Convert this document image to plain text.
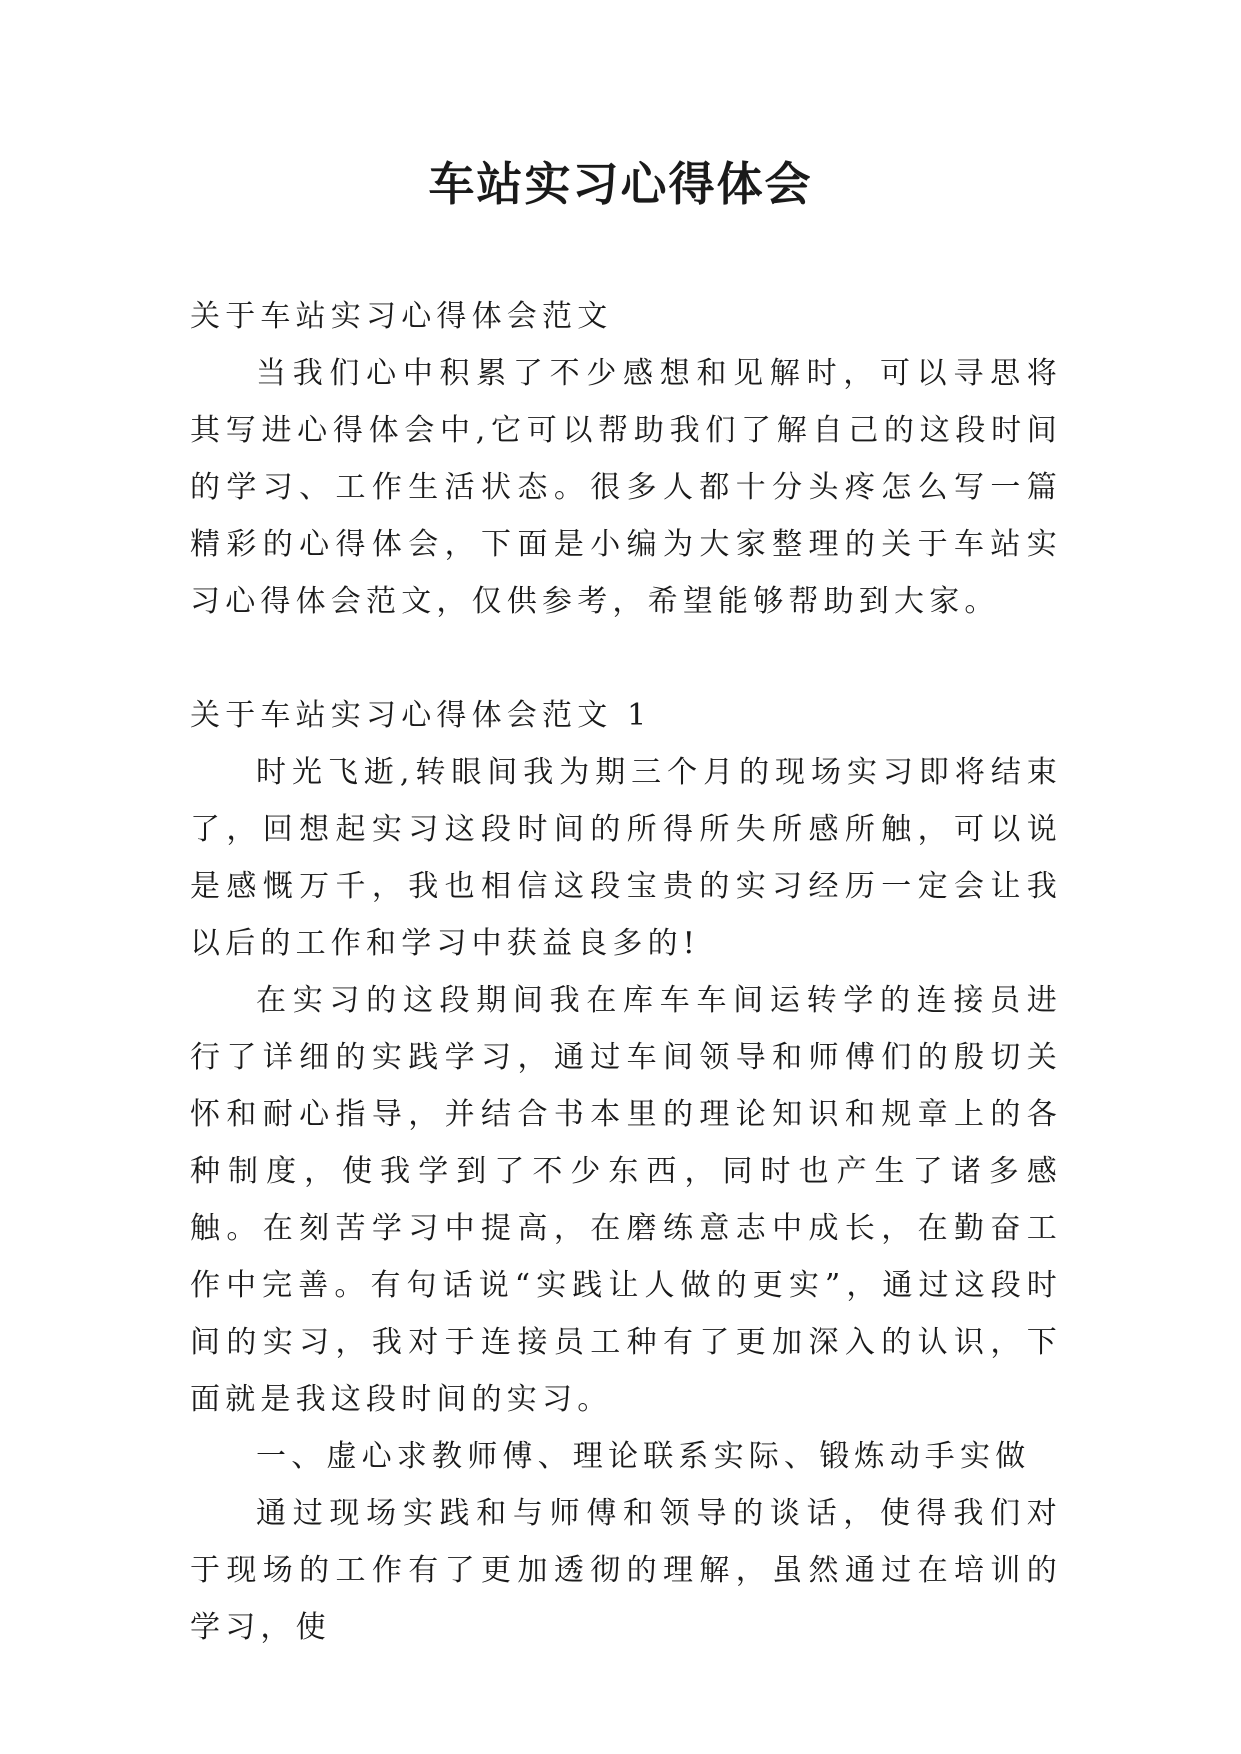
车站实习心得体会

关于车站实习心得体会范文

当我们心中积累了不少感想和见解时，可以寻思将其写进心得体会中,它可以帮助我们了解自己的这段时间的学习、工作生活状态。很多人都十分头疼怎么写一篇精彩的心得体会，下面是小编为大家整理的关于车站实习心得体会范文，仅供参考，希望能够帮助到大家。

关于车站实习心得体会范文 1

时光飞逝,转眼间我为期三个月的现场实习即将结束了，回想起实习这段时间的所得所失所感所触，可以说是感慨万千，我也相信这段宝贵的实习经历一定会让我以后的工作和学习中获益良多的!

在实习的这段期间我在库车车间运转学的连接员进行了详细的实践学习，通过车间领导和师傅们的殷切关怀和耐心指导，并结合书本里的理论知识和规章上的各种制度，使我学到了不少东西，同时也产生了诸多感触。在刻苦学习中提高，在磨练意志中成长，在勤奋工作中完善。有句话说“实践让人做的更实”，通过这段时间的实习，我对于连接员工种有了更加深入的认识，下面就是我这段时间的实习。

一、虚心求教师傅、理论联系实际、锻炼动手实做

通过现场实践和与师傅和领导的谈话，使得我们对于现场的工作有了更加透彻的理解，虽然通过在培训的学习，使
